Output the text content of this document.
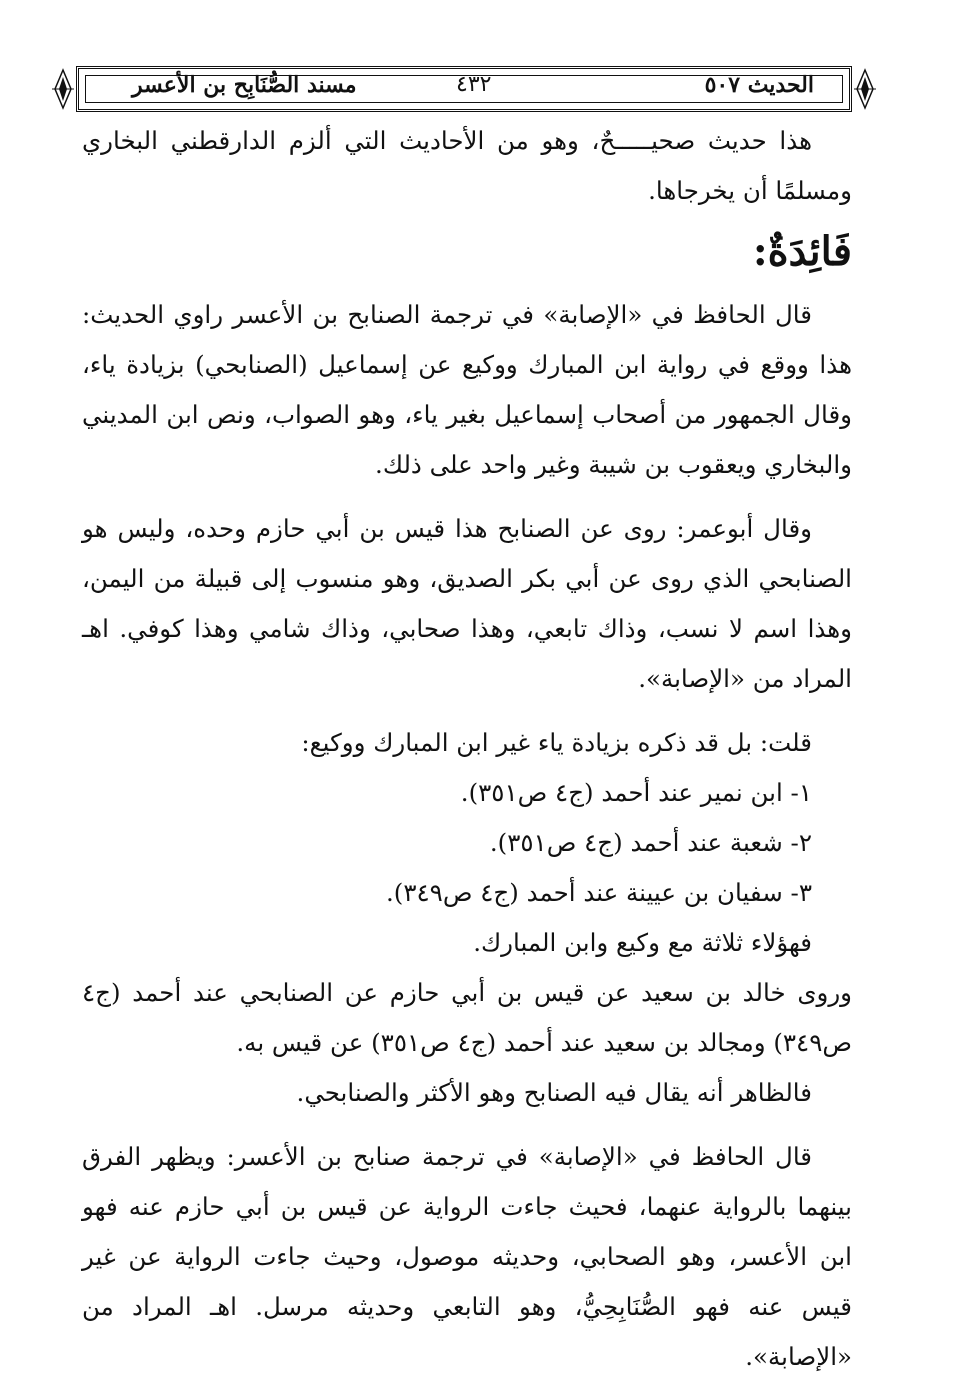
مسند الصُّنَابِح بن الأعسر	٤٣٢	الحديث ٥٠٧

هذا حديث صحيـــــحٌ، وهو من الأحاديث التي ألزم الدارقطني البخاري ومسلمًا أن يخرجاها.

فَائِدَةٌ:

قال الحافظ في «الإصابة» في ترجمة الصنابح بن الأعسر راوي الحديث: هذا ووقع في رواية ابن المبارك ووكيع عن إسماعيل (الصنابحي) بزيادة ياء، وقال الجمهور من أصحاب إسماعيل بغير ياء، وهو الصواب، ونص ابن المديني والبخاري ويعقوب بن شيبة وغير واحد على ذلك.

وقال أبوعمر: روى عن الصنابح هذا قيس بن أبي حازم وحده، وليس هو الصنابحي الذي روى عن أبي بكر الصديق، وهو منسوب إلى قبيلة من اليمن، وهذا اسم لا نسب، وذاك تابعي، وهذا صحابي، وذاك شامي وهذا كوفي. اهـ المراد من «الإصابة».

قلت: بل قد ذكره بزيادة ياء غير ابن المبارك ووكيع:

١- ابن نمير عند أحمد (ج٤ ص٣٥١).

٢- شعبة عند أحمد (ج٤ ص٣٥١).

٣- سفيان بن عيينة عند أحمد (ج٤ ص٣٤٩).

فهؤلاء ثلاثة مع وكيع وابن المبارك.

وروى خالد بن سعيد عن قيس بن أبي حازم عن الصنابحي عند أحمد (ج٤ ص٣٤٩) ومجالد بن سعيد عند أحمد (ج٤ ص٣٥١) عن قيس به.

فالظاهر أنه يقال فيه الصنابح وهو الأكثر والصنابحي.

قال الحافظ في «الإصابة» في ترجمة صنابح بن الأعسر: ويظهر الفرق بينهما بالرواية عنهما، فحيث جاءت الرواية عن قيس بن أبي حازم عنه فهو ابن الأعسر، وهو الصحابي، وحديثه موصول، وحيث جاءت الرواية عن غير قيس عنه فهو الصُّنَابِحِيُّ، وهو التابعي وحديثه مرسل. اهـ المراد من «الإصابة».
